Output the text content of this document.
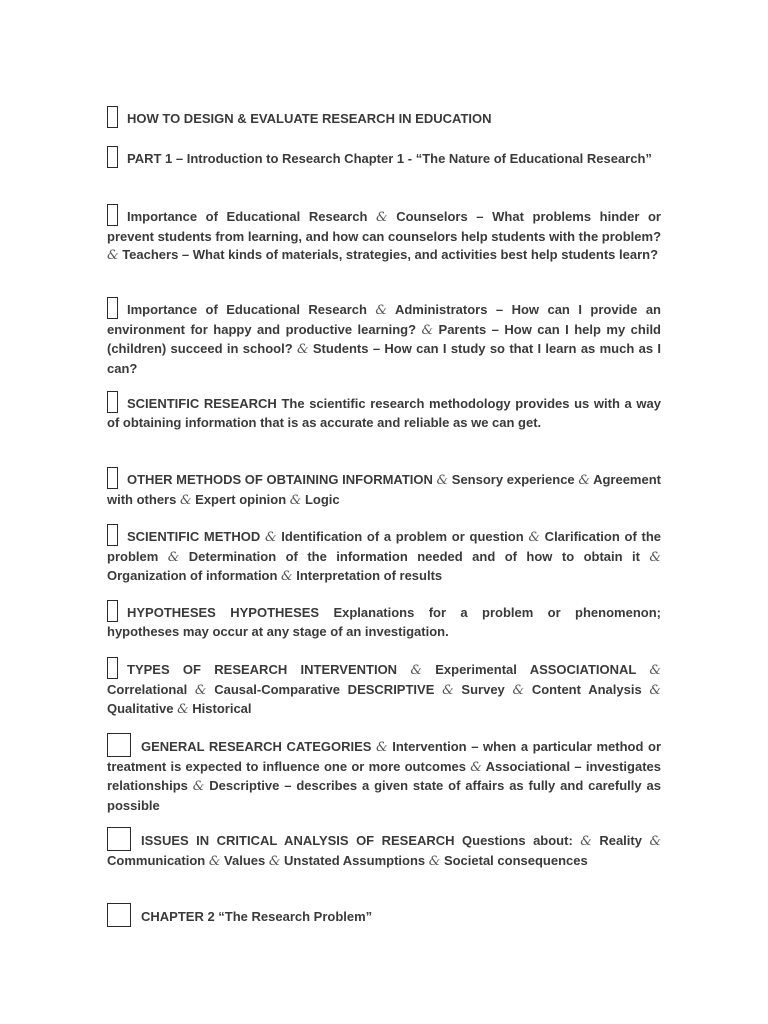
HOW TO DESIGN & EVALUATE RESEARCH IN EDUCATION

PART 1 – Introduction to Research Chapter 1 - “The Nature of Educational Research”

Importance of Educational Research & Counselors – What problems hinder or prevent students from learning, and how can counselors help students with the problem? & Teachers – What kinds of materials, strategies, and activities best help students learn?

Importance of Educational Research & Administrators – How can I provide an environment for happy and productive learning? & Parents – How can I help my child (children) succeed in school? & Students – How can I study so that I learn as much as I can?

SCIENTIFIC RESEARCH The scientific research methodology provides us with a way of obtaining information that is as accurate and reliable as we can get.

OTHER METHODS OF OBTAINING INFORMATION & Sensory experience & Agreement with others & Expert opinion & Logic

SCIENTIFIC METHOD & Identification of a problem or question & Clarification of the problem & Determination of the information needed and of how to obtain it & Organization of information & Interpretation of results

HYPOTHESES HYPOTHESES Explanations for a problem or phenomenon; hypotheses may occur at any stage of an investigation.

TYPES OF RESEARCH INTERVENTION & Experimental ASSOCIATIONAL & Correlational & Causal-Comparative DESCRIPTIVE & Survey & Content Analysis & Qualitative & Historical

GENERAL RESEARCH CATEGORIES & Intervention – when a particular method or treatment is expected to influence one or more outcomes & Associational – investigates relationships & Descriptive – describes a given state of affairs as fully and carefully as possible

ISSUES IN CRITICAL ANALYSIS OF RESEARCH Questions about: & Reality & Communication & Values & Unstated Assumptions & Societal consequences

CHAPTER 2 “The Research Problem”
